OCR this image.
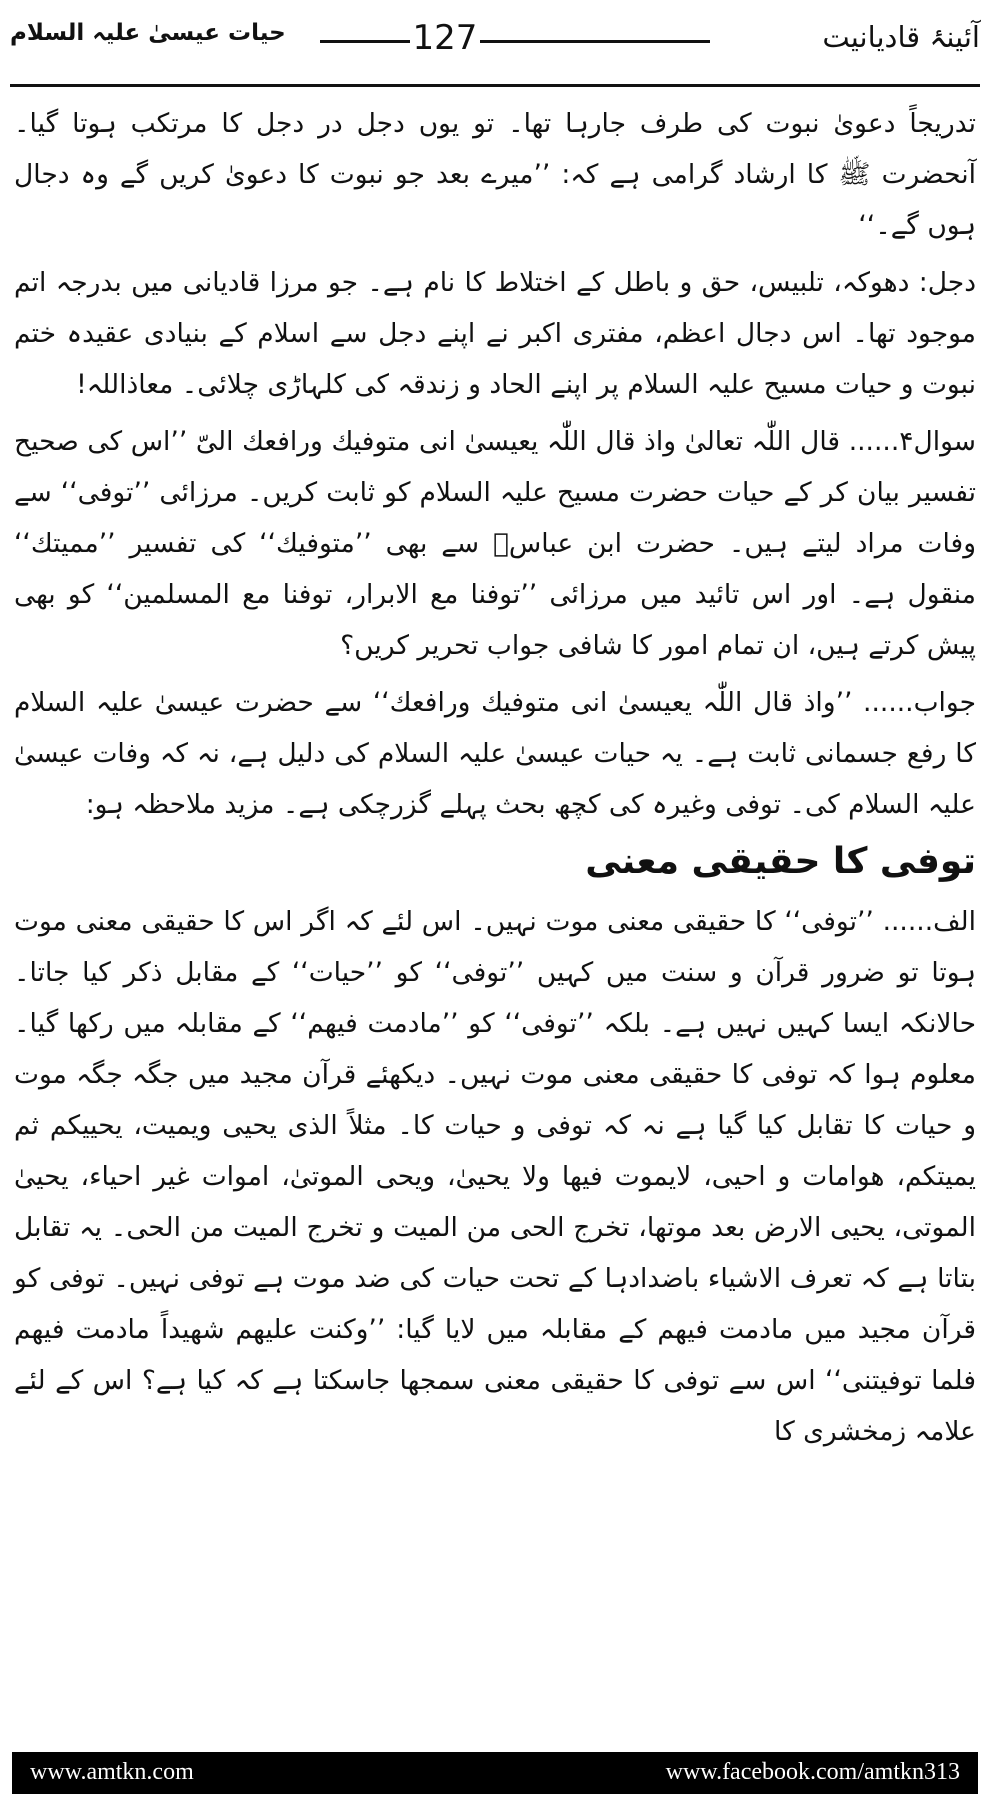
حیات عیسیٰ علیہ السلام	127	آئینۂ قادیانیت

تدریجاً دعویٰ نبوت کی طرف جارہا تھا۔ تو یوں دجل در دجل کا مرتکب ہوتا گیا۔ آنحضرت ﷺ کا ارشاد گرامی ہے کہ: ’’میرے بعد جو نبوت کا دعویٰ کریں گے وہ دجال ہوں گے۔‘‘

دجل: دھوکہ، تلبیس، حق و باطل کے اختلاط کا نام ہے۔ جو مرزا قادیانی میں بدرجہ اتم موجود تھا۔ اس دجال اعظم، مفتری اکبر نے اپنے دجل سے اسلام کے بنیادی عقیدہ ختم نبوت و حیات مسیح علیہ السلام پر اپنے الحاد و زندقہ کی کلہاڑی چلائی۔ معاذاللہ!

سوال۴...... قال اللّٰہ تعالیٰ واذ قال اللّٰہ یعیسیٰ انی متوفیك ورافعك الیّ ’’اس کی صحیح تفسیر بیان کر کے حیات حضرت مسیح علیہ السلام کو ثابت کریں۔ مرزائی ’’توفی‘‘ سے وفات مراد لیتے ہیں۔ حضرت ابن عباسؓ سے بھی ’’متوفیك‘‘ کی تفسیر ’’ممیتك‘‘ منقول ہے۔ اور اس تائید میں مرزائی ’’توفنا مع الابرار، توفنا مع المسلمین‘‘ کو بھی پیش کرتے ہیں، ان تمام امور کا شافی جواب تحریر کریں؟

جواب...... ’’واذ قال اللّٰہ یعیسیٰ انی متوفیك ورافعك‘‘ سے حضرت عیسیٰ علیہ السلام کا رفع جسمانی ثابت ہے۔ یہ حیات عیسیٰ علیہ السلام کی دلیل ہے، نہ کہ وفات عیسیٰ علیہ السلام کی۔ توفی وغیرہ کی کچھ بحث پہلے گزرچکی ہے۔ مزید ملاحظہ ہو:

توفی کا حقیقی معنی

الف...... ’’توفی‘‘ کا حقیقی معنی موت نہیں۔ اس لئے کہ اگر اس کا حقیقی معنی موت ہوتا تو ضرور قرآن و سنت میں کہیں ’’توفی‘‘ کو ’’حیات‘‘ کے مقابل ذکر کیا جاتا۔ حالانکہ ایسا کہیں نہیں ہے۔ بلکہ ’’توفی‘‘ کو ’’مادمت فیهم‘‘ کے مقابلہ میں رکھا گیا۔ معلوم ہوا کہ توفی کا حقیقی معنی موت نہیں۔ دیکھئے قرآن مجید میں جگہ جگہ موت و حیات کا تقابل کیا گیا ہے نہ کہ توفی و حیات کا۔ مثلاً الذی یحیی ویمیت، یحییکم ثم یمیتکم، هوامات و احیی، لایموت فیها ولا یحییٰ، ویحی الموتیٰ، اموات غیر احیاء، یحییٰ الموتی، یحیی الارض بعد موتها، تخرج الحی من المیت و تخرج المیت من الحی۔ یہ تقابل بتاتا ہے کہ تعرف الاشیاء باضدادہا کے تحت حیات کی ضد موت ہے توفی نہیں۔ توفی کو قرآن مجید میں مادمت فیهم کے مقابلہ میں لایا گیا: ’’وکنت علیهم شهیداً مادمت فیهم فلما توفیتنی‘‘ اس سے توفی کا حقیقی معنی سمجھا جاسکتا ہے کہ کیا ہے؟ اس کے لئے علامہ زمخشری کا

www.amtkn.com	www.facebook.com/amtkn313
